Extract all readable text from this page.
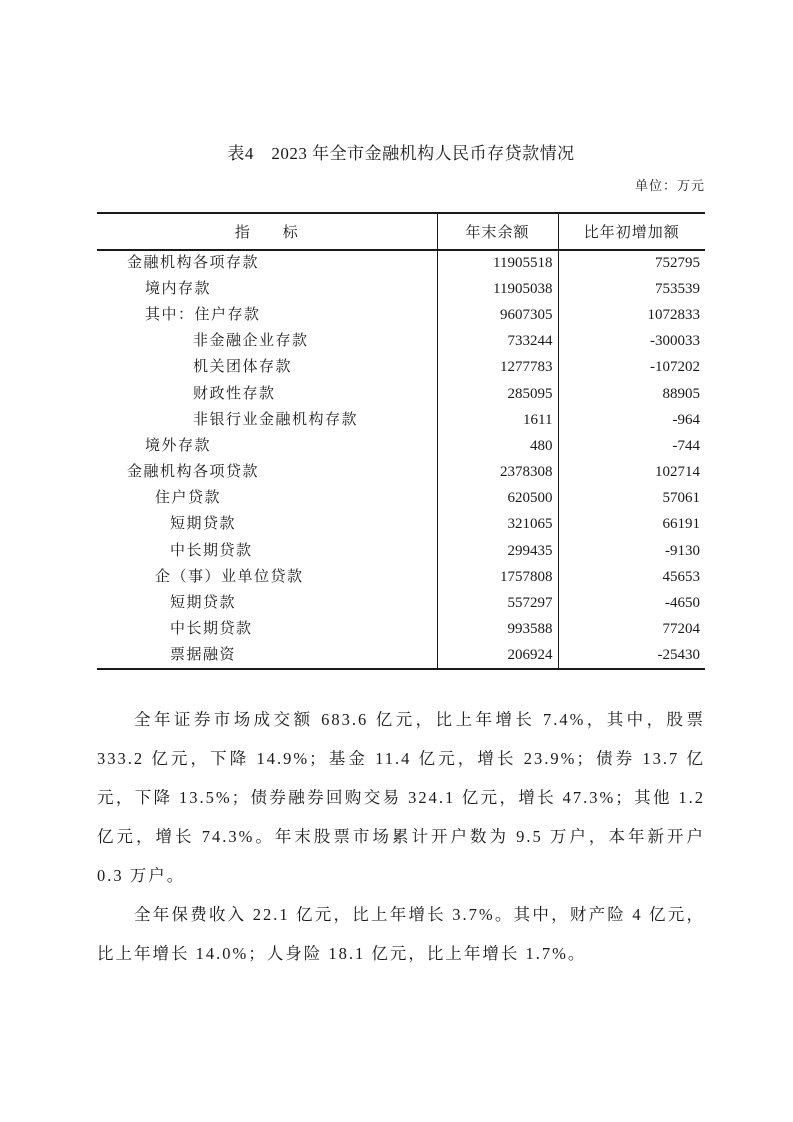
表4　2023 年全市金融机构人民币存贷款情况
单位：万元
指　　标	年末余额	比年初增加额
金融机构各项存款	11905518	752795
境内存款	11905038	753539
其中：住户存款	9607305	1072833
非金融企业存款	733244	-300033
机关团体存款	1277783	-107202
财政性存款	285095	88905
非银行业金融机构存款	1611	-964
境外存款	480	-744
金融机构各项贷款	2378308	102714
住户贷款	620500	57061
短期贷款	321065	66191
中长期贷款	299435	-9130
企（事）业单位贷款	1757808	45653
短期贷款	557297	-4650
中长期贷款	993588	77204
票据融资	206924	-25430

全年证券市场成交额 683.6 亿元，比上年增长 7.4%，其中，股票 333.2 亿元，下降 14.9%；基金 11.4 亿元，增长 23.9%；债券 13.7 亿元，下降 13.5%；债券融券回购交易 324.1 亿元，增长 47.3%；其他 1.2 亿元，增长 74.3%。年末股票市场累计开户数为 9.5 万户，本年新开户 0.3 万户。

全年保费收入 22.1 亿元，比上年增长 3.7%。其中，财产险 4 亿元，比上年增长 14.0%；人身险 18.1 亿元，比上年增长 1.7%。
